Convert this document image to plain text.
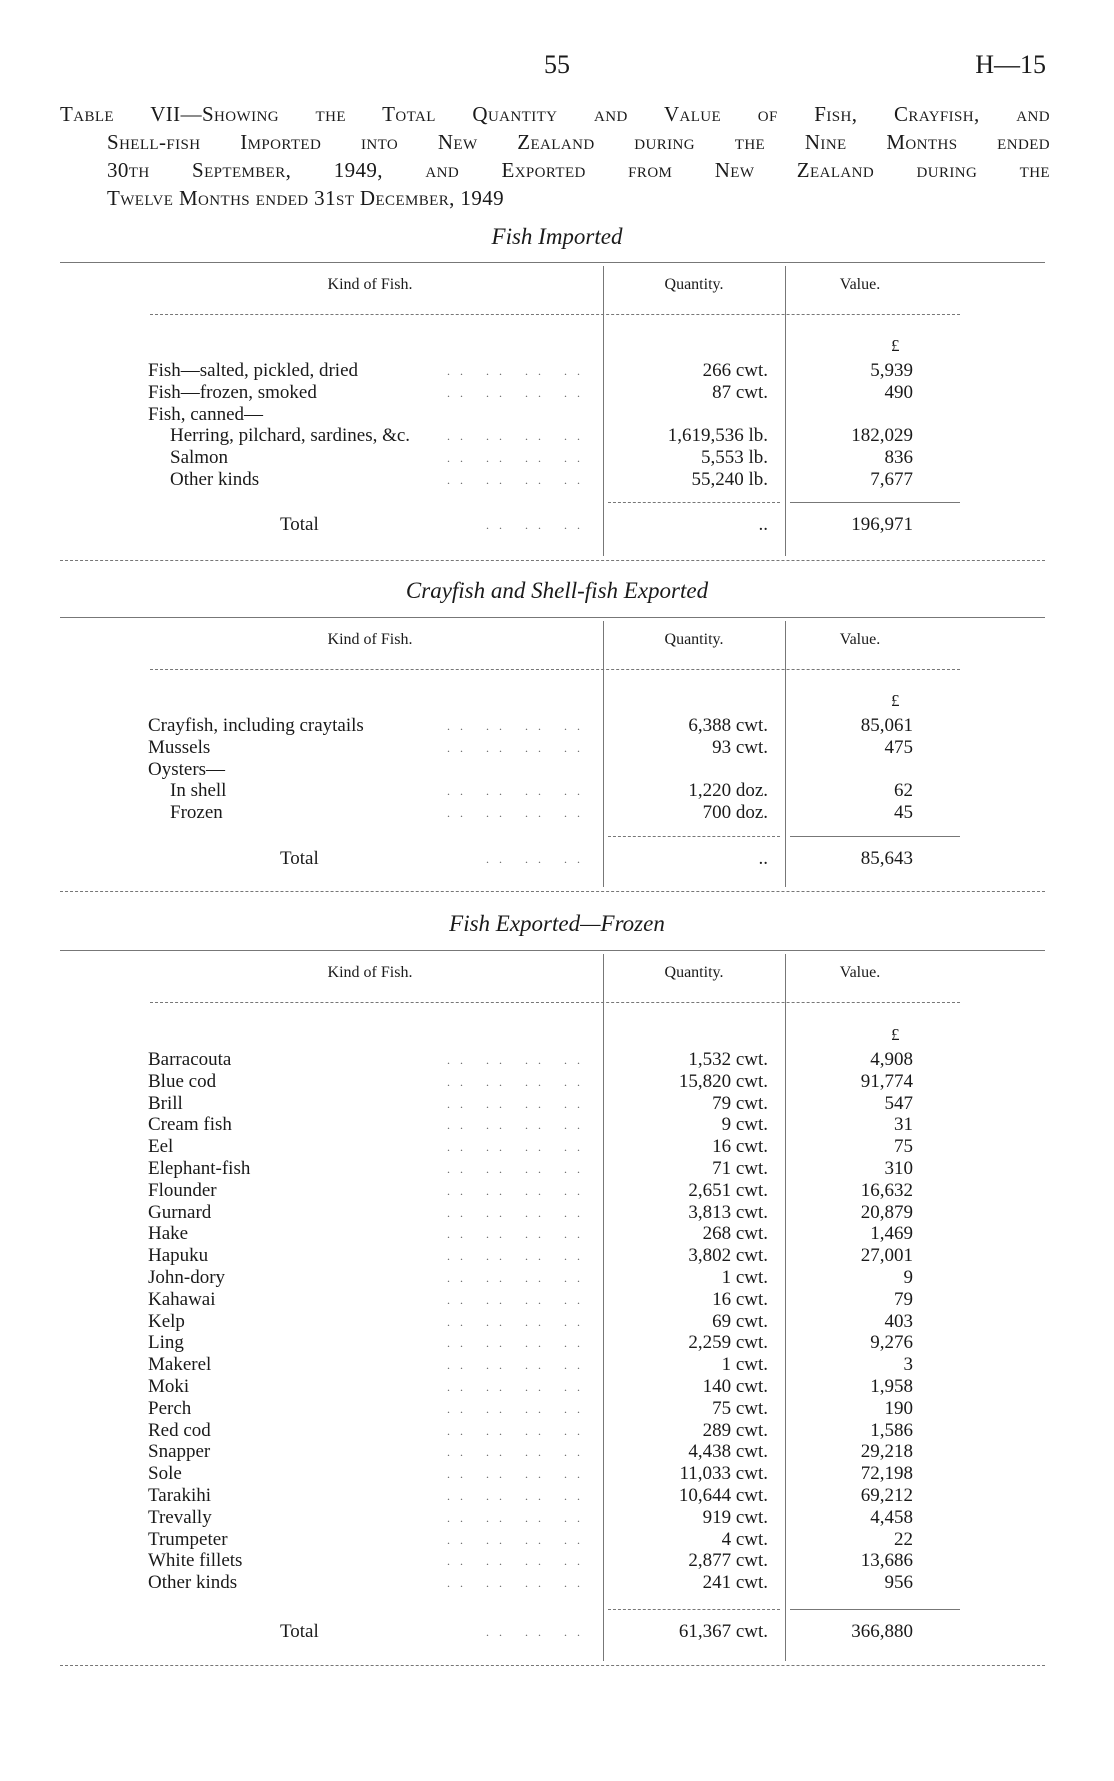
55	H—15
Table VII—Showing the Total Quantity and Value of Fish, Crayfish, and
Shell-fish Imported into New Zealand during the Nine Months ended
30th September, 1949, and Exported from New Zealand during the
Twelve Months ended 31st December, 1949
Fish Imported
Kind of Fish.	Quantity.	Value.
£
Fish—salted, pickled, dried	.. .. .. ..	266 cwt.	5,939
Fish—frozen, smoked	.. .. .. ..	87 cwt.	490
Fish, canned—
Herring, pilchard, sardines, &c.	.. .. .. ..	1,619,536 lb.	182,029
Salmon	.. .. .. ..	5,553 lb.	836
Other kinds	.. .. .. ..	55,240 lb.	7,677
Total	.. .. ..	..	196,971
Crayfish and Shell-fish Exported
Kind of Fish.	Quantity.	Value.
£
Crayfish, including craytails	.. .. .. ..	6,388 cwt.	85,061
Mussels	.. .. .. ..	93 cwt.	475
Oysters—
In shell	.. .. .. ..	1,220 doz.	62
Frozen	.. .. .. ..	700 doz.	45
Total	.. .. ..	..	85,643
Fish Exported—Frozen
Kind of Fish.	Quantity.	Value.
£
Barracouta	.. .. .. ..	1,532 cwt.	4,908
Blue cod	.. .. .. ..	15,820 cwt.	91,774
Brill	.. .. .. ..	79 cwt.	547
Cream fish	.. .. .. ..	9 cwt.	31
Eel	.. .. .. ..	16 cwt.	75
Elephant-fish	.. .. .. ..	71 cwt.	310
Flounder	.. .. .. ..	2,651 cwt.	16,632
Gurnard	.. .. .. ..	3,813 cwt.	20,879
Hake	.. .. .. ..	268 cwt.	1,469
Hapuku	.. .. .. ..	3,802 cwt.	27,001
John-dory	.. .. .. ..	1 cwt.	9
Kahawai	.. .. .. ..	16 cwt.	79
Kelp	.. .. .. ..	69 cwt.	403
Ling	.. .. .. ..	2,259 cwt.	9,276
Makerel	.. .. .. ..	1 cwt.	3
Moki	.. .. .. ..	140 cwt.	1,958
Perch	.. .. .. ..	75 cwt.	190
Red cod	.. .. .. ..	289 cwt.	1,586
Snapper	.. .. .. ..	4,438 cwt.	29,218
Sole	.. .. .. ..	11,033 cwt.	72,198
Tarakihi	.. .. .. ..	10,644 cwt.	69,212
Trevally	.. .. .. ..	919 cwt.	4,458
Trumpeter	.. .. .. ..	4 cwt.	22
White fillets	.. .. .. ..	2,877 cwt.	13,686
Other kinds	.. .. .. ..	241 cwt.	956
Total	.. .. ..	61,367 cwt.	366,880
